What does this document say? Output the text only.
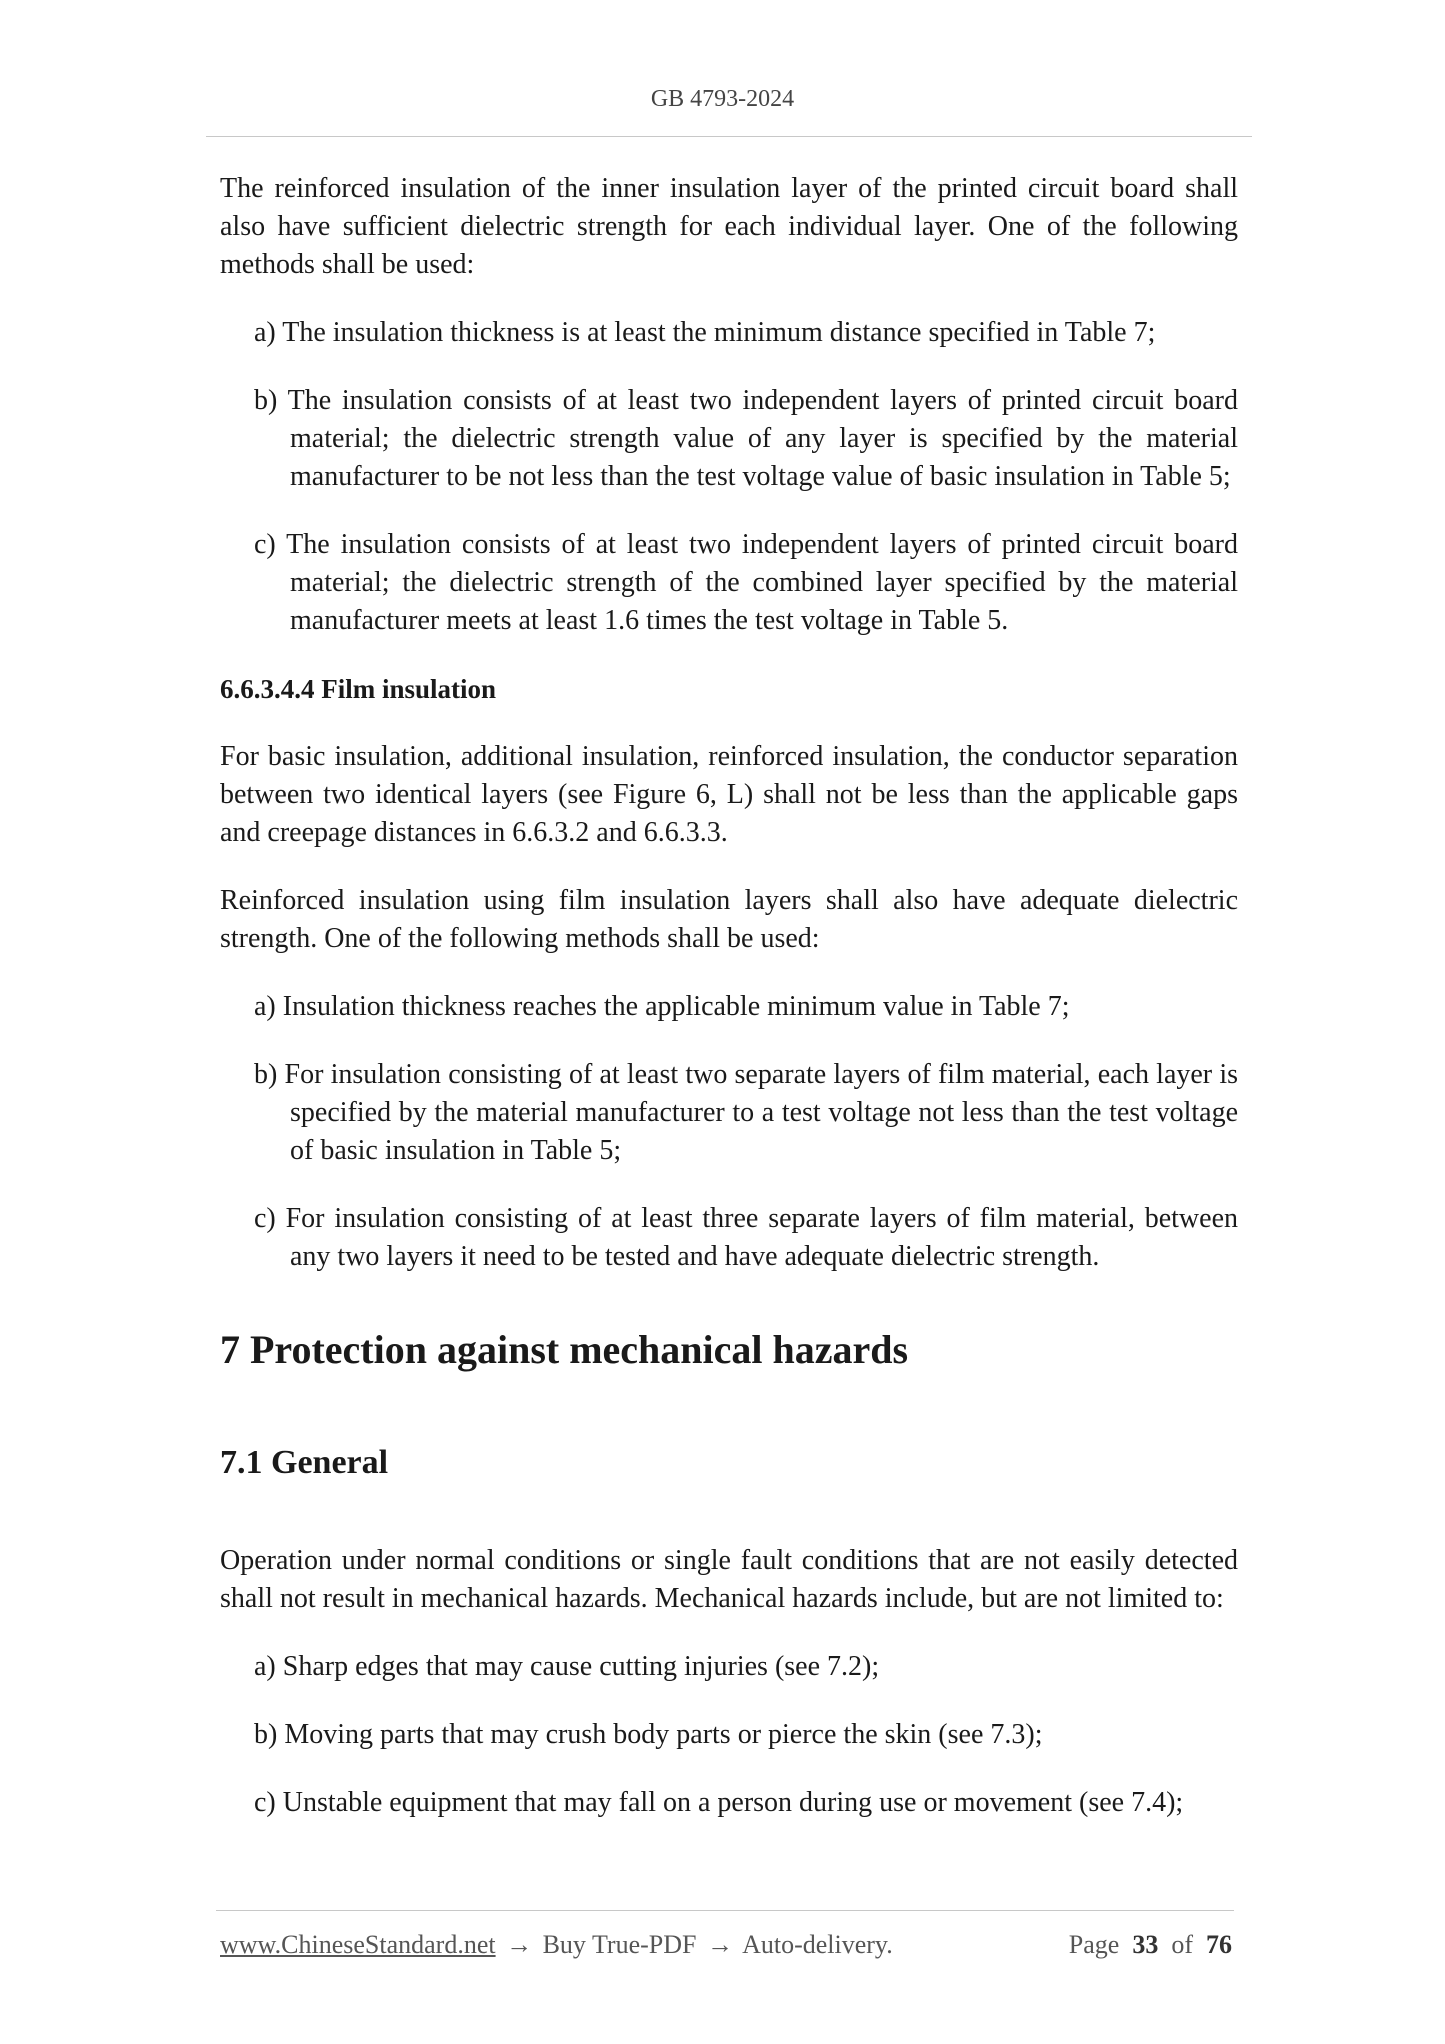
GB 4793-2024

The reinforced insulation of the inner insulation layer of the printed circuit board shall also have sufficient dielectric strength for each individual layer. One of the following methods shall be used:

a) The insulation thickness is at least the minimum distance specified in Table 7;

b) The insulation consists of at least two independent layers of printed circuit board material; the dielectric strength value of any layer is specified by the material manufacturer to be not less than the test voltage value of basic insulation in Table 5;

c) The insulation consists of at least two independent layers of printed circuit board material; the dielectric strength of the combined layer specified by the material manufacturer meets at least 1.6 times the test voltage in Table 5.

6.6.3.4.4 Film insulation

For basic insulation, additional insulation, reinforced insulation, the conductor separation between two identical layers (see Figure 6, L) shall not be less than the applicable gaps and creepage distances in 6.6.3.2 and 6.6.3.3.

Reinforced insulation using film insulation layers shall also have adequate dielectric strength. One of the following methods shall be used:

a) Insulation thickness reaches the applicable minimum value in Table 7;

b) For insulation consisting of at least two separate layers of film material, each layer is specified by the material manufacturer to a test voltage not less than the test voltage of basic insulation in Table 5;

c) For insulation consisting of at least three separate layers of film material, between any two layers it need to be tested and have adequate dielectric strength.

7 Protection against mechanical hazards
7.1 General

Operation under normal conditions or single fault conditions that are not easily detected shall not result in mechanical hazards. Mechanical hazards include, but are not limited to:

a) Sharp edges that may cause cutting injuries (see 7.2);

b) Moving parts that may crush body parts or pierce the skin (see 7.3);

c) Unstable equipment that may fall on a person during use or movement (see 7.4);

www.ChineseStandard.net → Buy True-PDF → Auto-delivery.	Page 33 of 76
